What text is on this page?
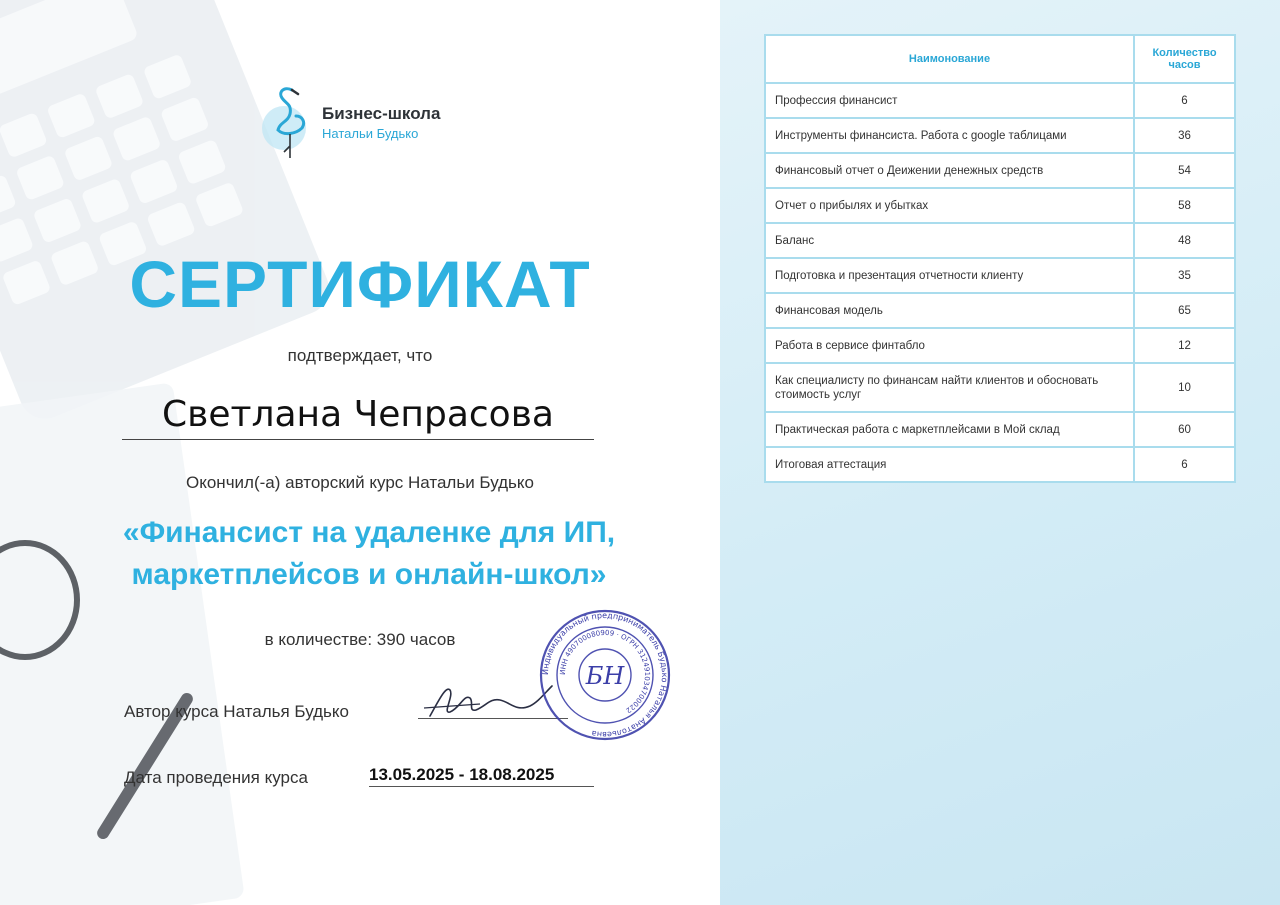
Бизнес-школа
Натальи Будько
СЕРТИФИКАТ
подтверждает, что
Светлана Чепрасова
Окончил(-а) авторский курс Натальи Будько
«Финансист на удаленке для ИП,
маркетплейсов и онлайн-школ»
в количестве: 390 часов
Автор курса Наталья Будько
БН
Индивидуальный предприниматель Будько Наталья Анатольевна
ИНН 490700080909 · ОГРН 312491034700022
Дата проведения курса	13.05.2025 - 18.08.2025
Наимонование	Количество часов
Профессия финансист	6
Инструменты финансиста. Работа с google таблицами	36
Финансовый отчет о Деижении денежных средств	54
Отчет о прибылях и убытках	58
Баланс	48
Подготовка и презентация отчетности клиенту	35
Финансовая модель	65
Работа в сервисе финтабло	12
Как специалисту по финансам найти клиентов и обосновать стоимость услуг	10
Практическая работа с маркетплейсами в Мой склад	60
Итоговая аттестация	6
